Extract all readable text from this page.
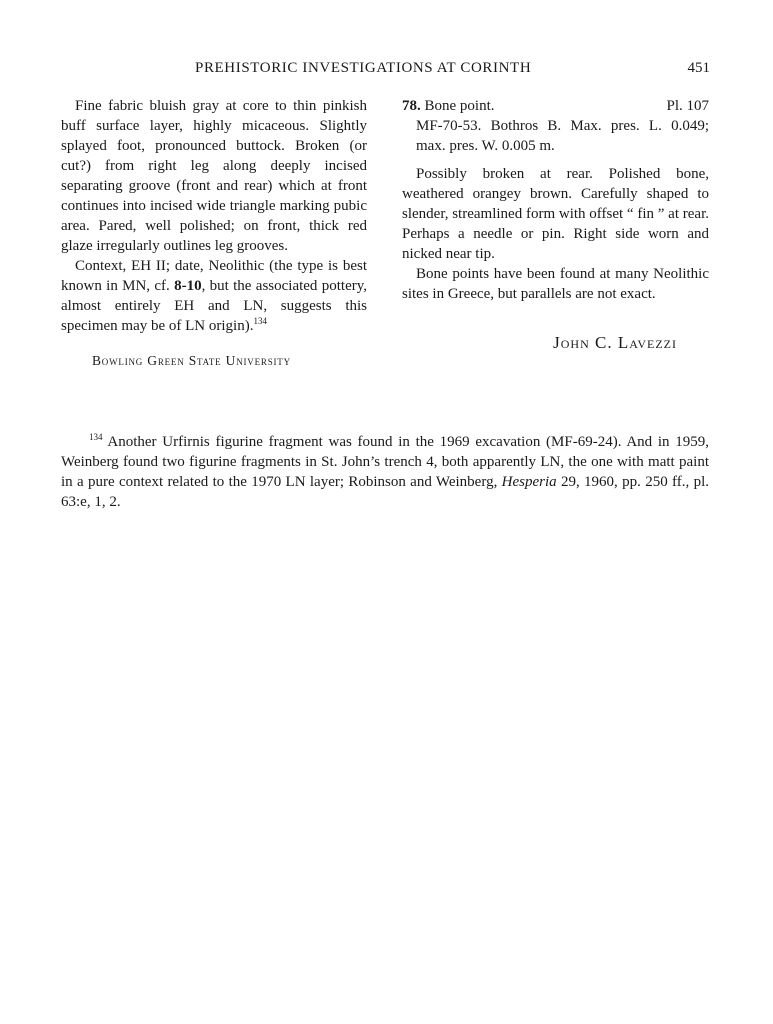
PREHISTORIC INVESTIGATIONS AT CORINTH	451

Fine fabric bluish gray at core to thin pinkish buff surface layer, highly micaceous. Slightly splayed foot, pronounced buttock. Broken (or cut?) from right leg along deeply incised separating groove (front and rear) which at front continues into incised wide triangle marking pubic area. Pared, well polished; on front, thick red glaze irregularly outlines leg grooves.

Context, EH II; date, Neolithic (the type is best known in MN, cf. 8-10, but the associated pottery, almost entirely EH and LN, suggests this specimen may be of LN origin).$^{134}$

78. Bone point.	Pl. 107

MF-70-53. Bothros B. Max. pres. L. 0.049; max. pres. W. 0.005 m.

Possibly broken at rear. Polished bone, weathered orangey brown. Carefully shaped to slender, streamlined form with offset “ fin ” at rear. Perhaps a needle or pin. Right side worn and nicked near tip.

Bone points have been found at many Neolithic sites in Greece, but parallels are not exact.

John C. Lavezzi
Bowling Green State University
$^{134}$ Another Urfirnis figurine fragment was found in the 1969 excavation (MF-69-24). And in 1959, Weinberg found two figurine fragments in St. John’s trench 4, both apparently LN, the one with matt paint in a pure context related to the 1970 LN layer; Robinson and Weinberg, Hesperia 29, 1960, pp. 250 ff., pl. 63:e, 1, 2.
